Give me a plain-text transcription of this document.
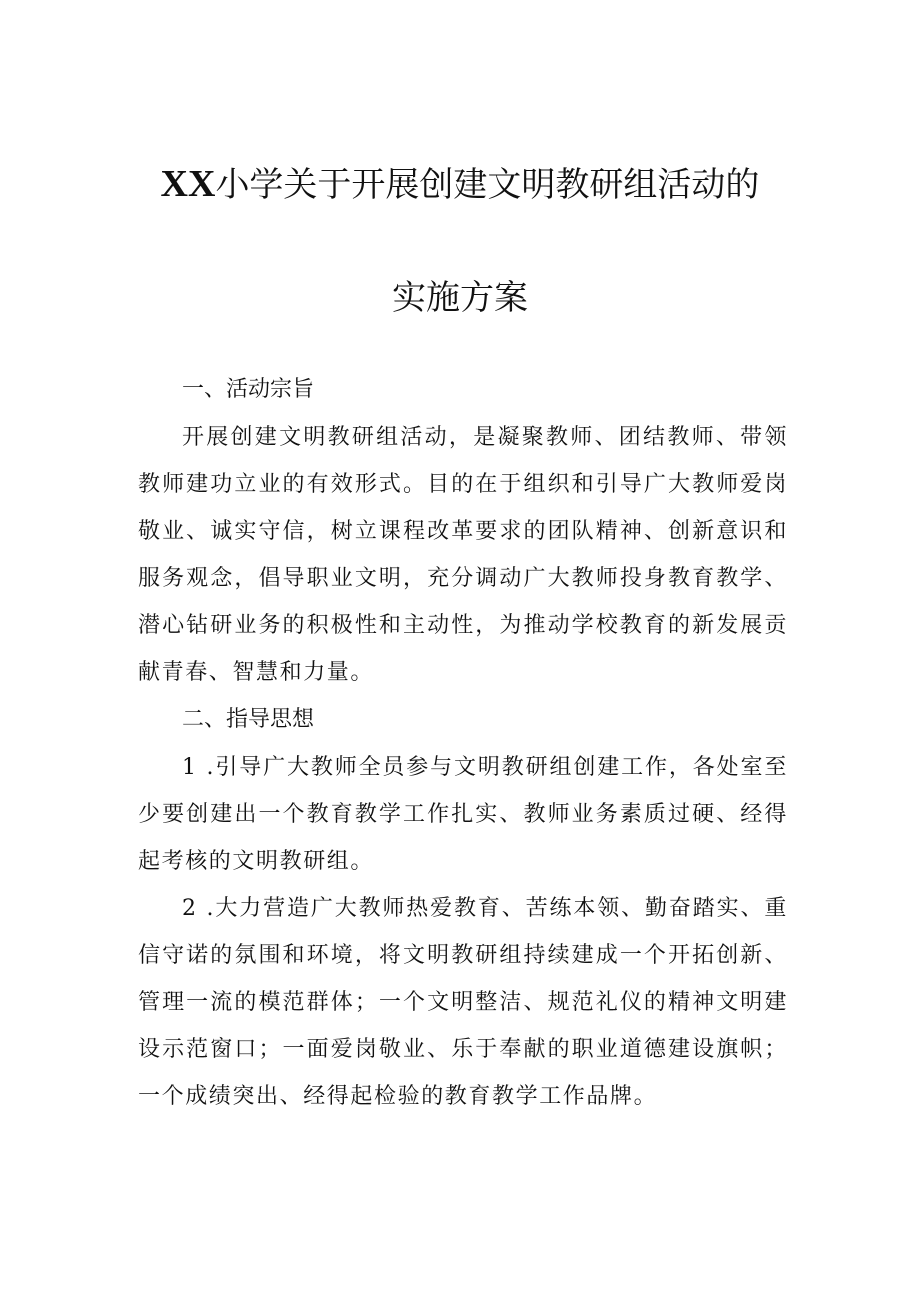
XX小学关于开展创建文明教研组活动的
实施方案

一、活动宗旨

开展创建文明教研组活动，是凝聚教师、团结教师、带领教师建功立业的有效形式。目的在于组织和引导广大教师爱岗敬业、诚实守信，树立课程改革要求的团队精神、创新意识和服务观念，倡导职业文明，充分调动广大教师投身教育教学、潜心钻研业务的积极性和主动性，为推动学校教育的新发展贡献青春、智慧和力量。

二、指导思想

1 .引导广大教师全员参与文明教研组创建工作，各处室至少要创建出一个教育教学工作扎实、教师业务素质过硬、经得起考核的文明教研组。

2 .大力营造广大教师热爱教育、苦练本领、勤奋踏实、重信守诺的氛围和环境，将文明教研组持续建成一个开拓创新、管理一流的模范群体；一个文明整洁、规范礼仪的精神文明建设示范窗口；一面爱岗敬业、乐于奉献的职业道德建设旗帜；一个成绩突出、经得起检验的教育教学工作品牌。
